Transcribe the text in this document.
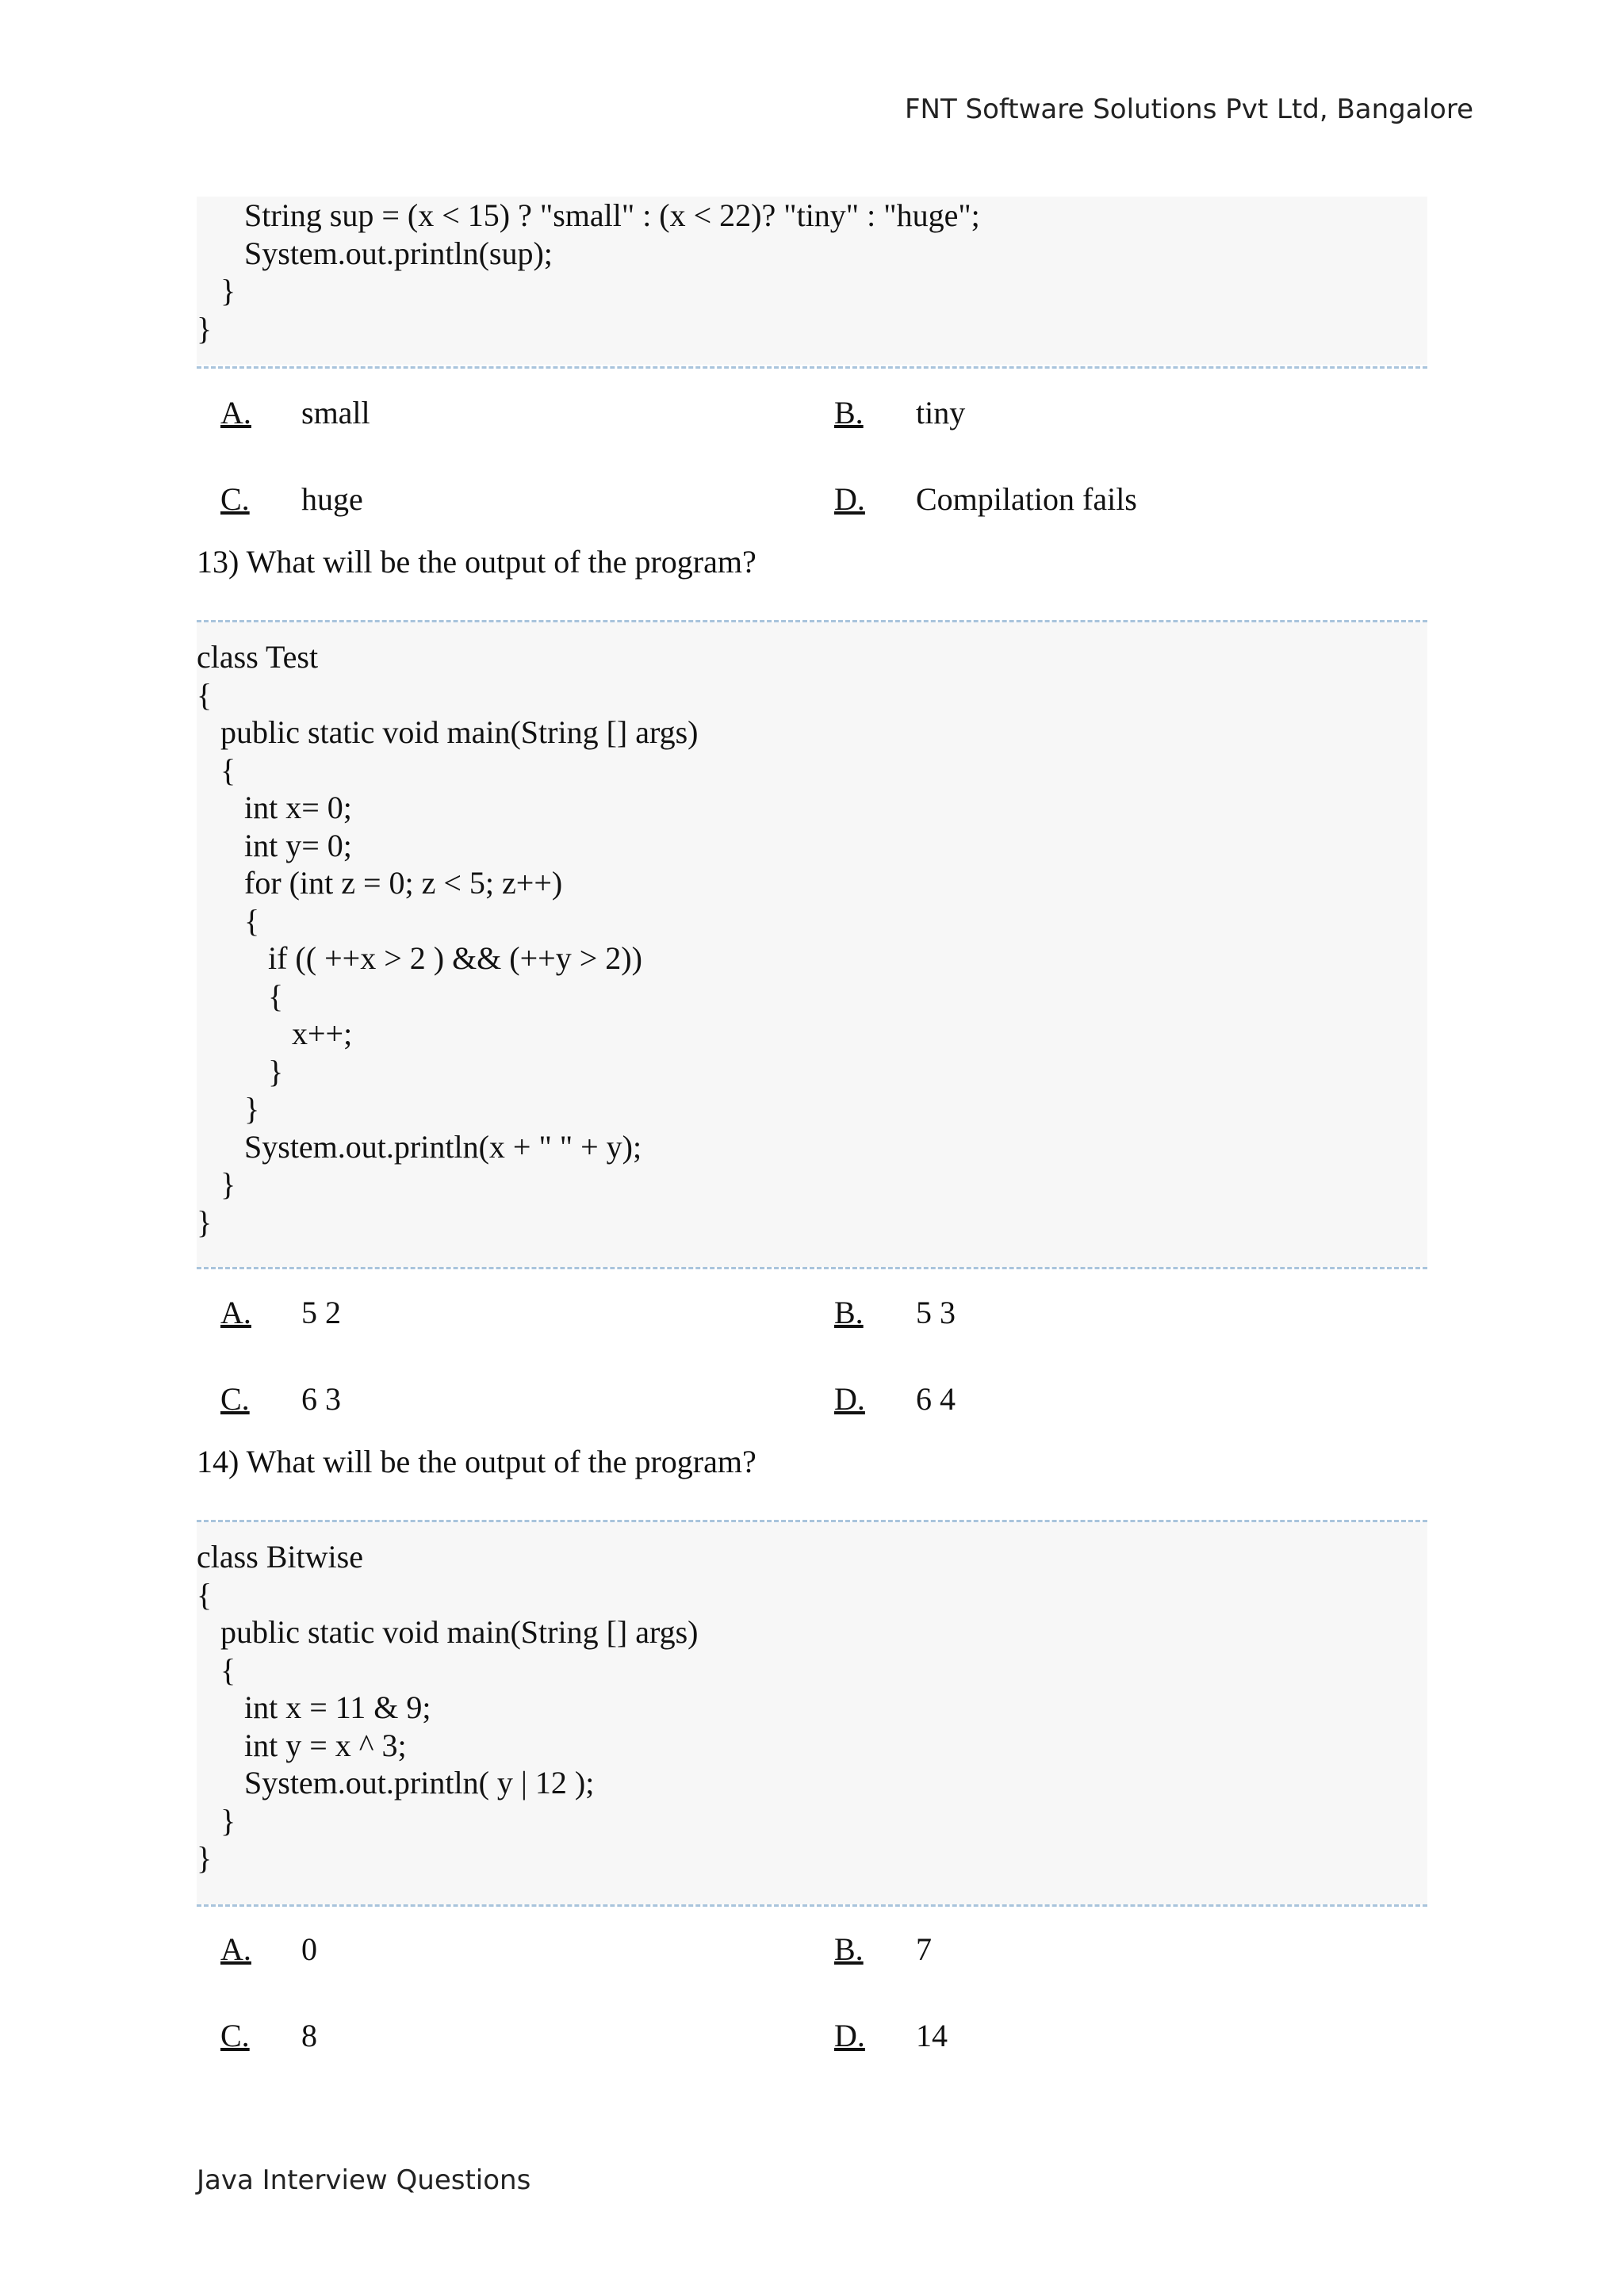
FNT Software Solutions Pvt Ltd, Bangalore
String sup = (x < 15) ? "small" : (x < 22)? "tiny" : "huge";
System.out.println(sup);
}
}
A. small	B. tiny
C. huge	D. Compilation fails
13) What will be the output of the program?
class Test
{
public static void main(String [] args)
{
int x= 0;
int y= 0;
for (int z = 0; z < 5; z++)
{
if (( ++x > 2 ) && (++y > 2))
{
x++;
}
}
System.out.println(x + " " + y);
}
}
A. 5 2	B. 5 3
C. 6 3	D. 6 4
14) What will be the output of the program?
class Bitwise
{
public static void main(String [] args)
{
int x = 11 & 9;
int y = x ^ 3;
System.out.println( y | 12 );
}
}
A. 0	B. 7
C. 8	D. 14
Java Interview Questions
